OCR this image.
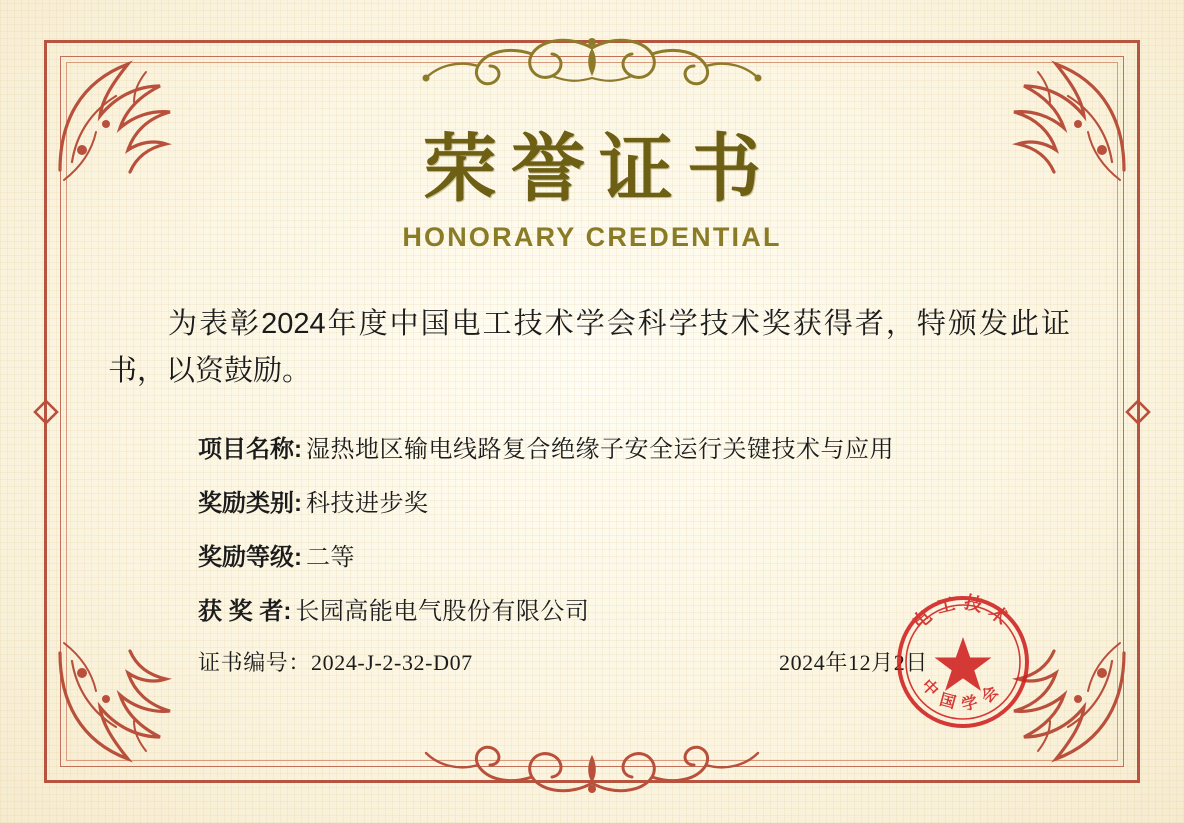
荣誉证书
HONORARY CREDENTIAL
为表彰2024年度中国电工技术学会科学技术奖获得者，特颁发此证书，以资鼓励。
项目名称: 湿热地区输电线路复合绝缘子安全运行关键技术与应用
奖励类别: 科技进步奖
奖励等级: 二等
获 奖 者: 长园高能电气股份有限公司
证书编号：2024-J-2-32-D07	2024年12月2日
电工技术
中国学会
